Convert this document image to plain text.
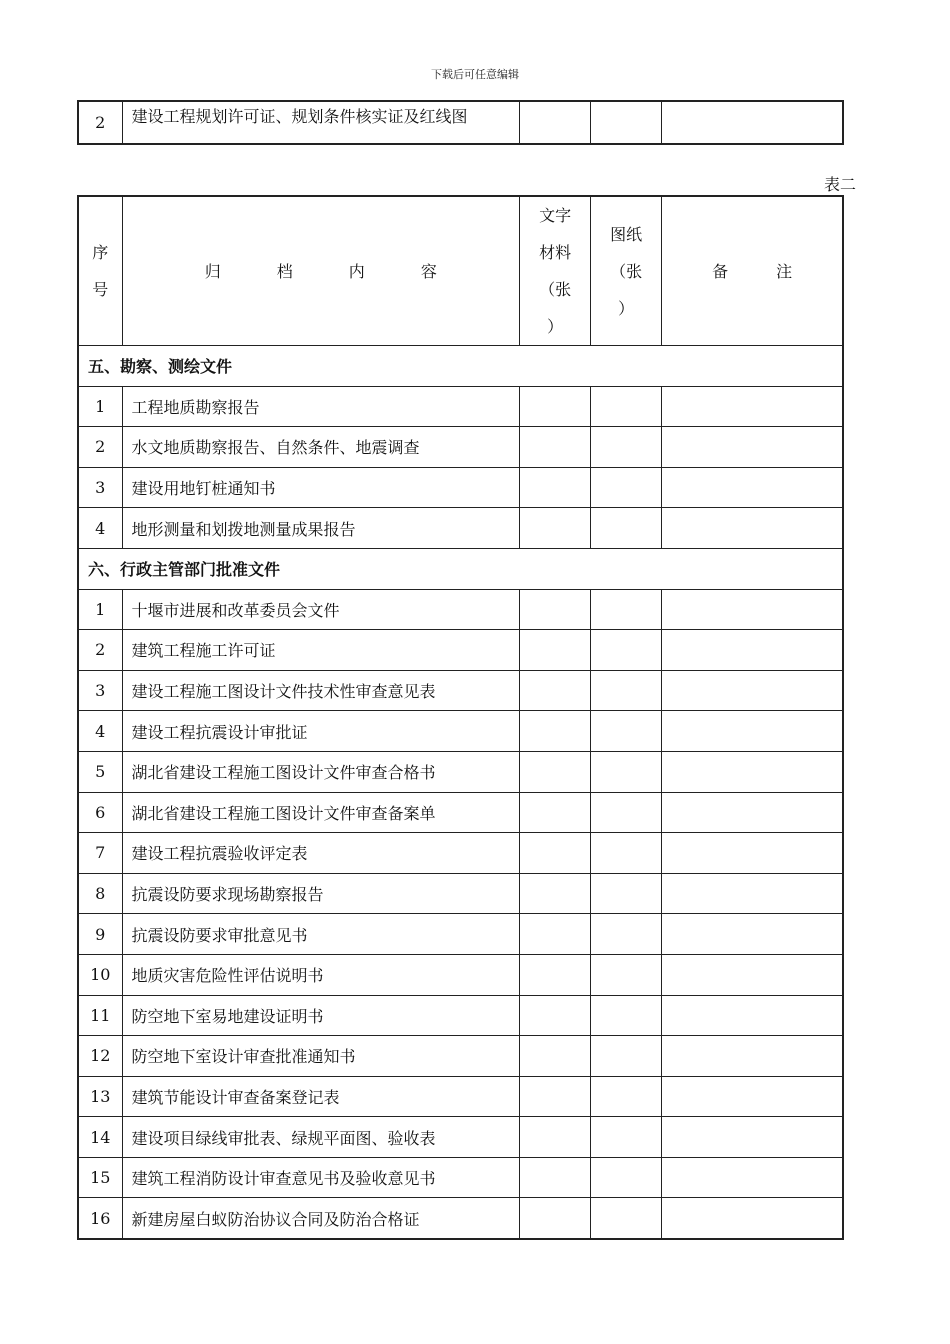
下载后可任意编辑
2	建设工程规划许可证、规划条件核实证及红线图

表二
序
号	归 档 内 容	文字
材料
（张
）	图纸
（张
）	备 注
五、勘察、测绘文件				
1	工程地质勘察报告			
2	水文地质勘察报告、自然条件、地震调查			
3	建设用地钉桩通知书			
4	地形测量和划拨地测量成果报告			
六、行政主管部门批准文件				
1	十堰市进展和改革委员会文件			
2	建筑工程施工许可证			
3	建设工程施工图设计文件技术性审查意见表			
4	建设工程抗震设计审批证			
5	湖北省建设工程施工图设计文件审查合格书			
6	湖北省建设工程施工图设计文件审查备案单			
7	建设工程抗震验收评定表			
8	抗震设防要求现场勘察报告			
9	抗震设防要求审批意见书			
10	地质灾害危险性评估说明书			
11	防空地下室易地建设证明书			
12	防空地下室设计审查批准通知书			
13	建筑节能设计审查备案登记表			
14	建设项目绿线审批表、绿规平面图、验收表			
15	建筑工程消防设计审查意见书及验收意见书			
16	新建房屋白蚁防治协议合同及防治合格证			
